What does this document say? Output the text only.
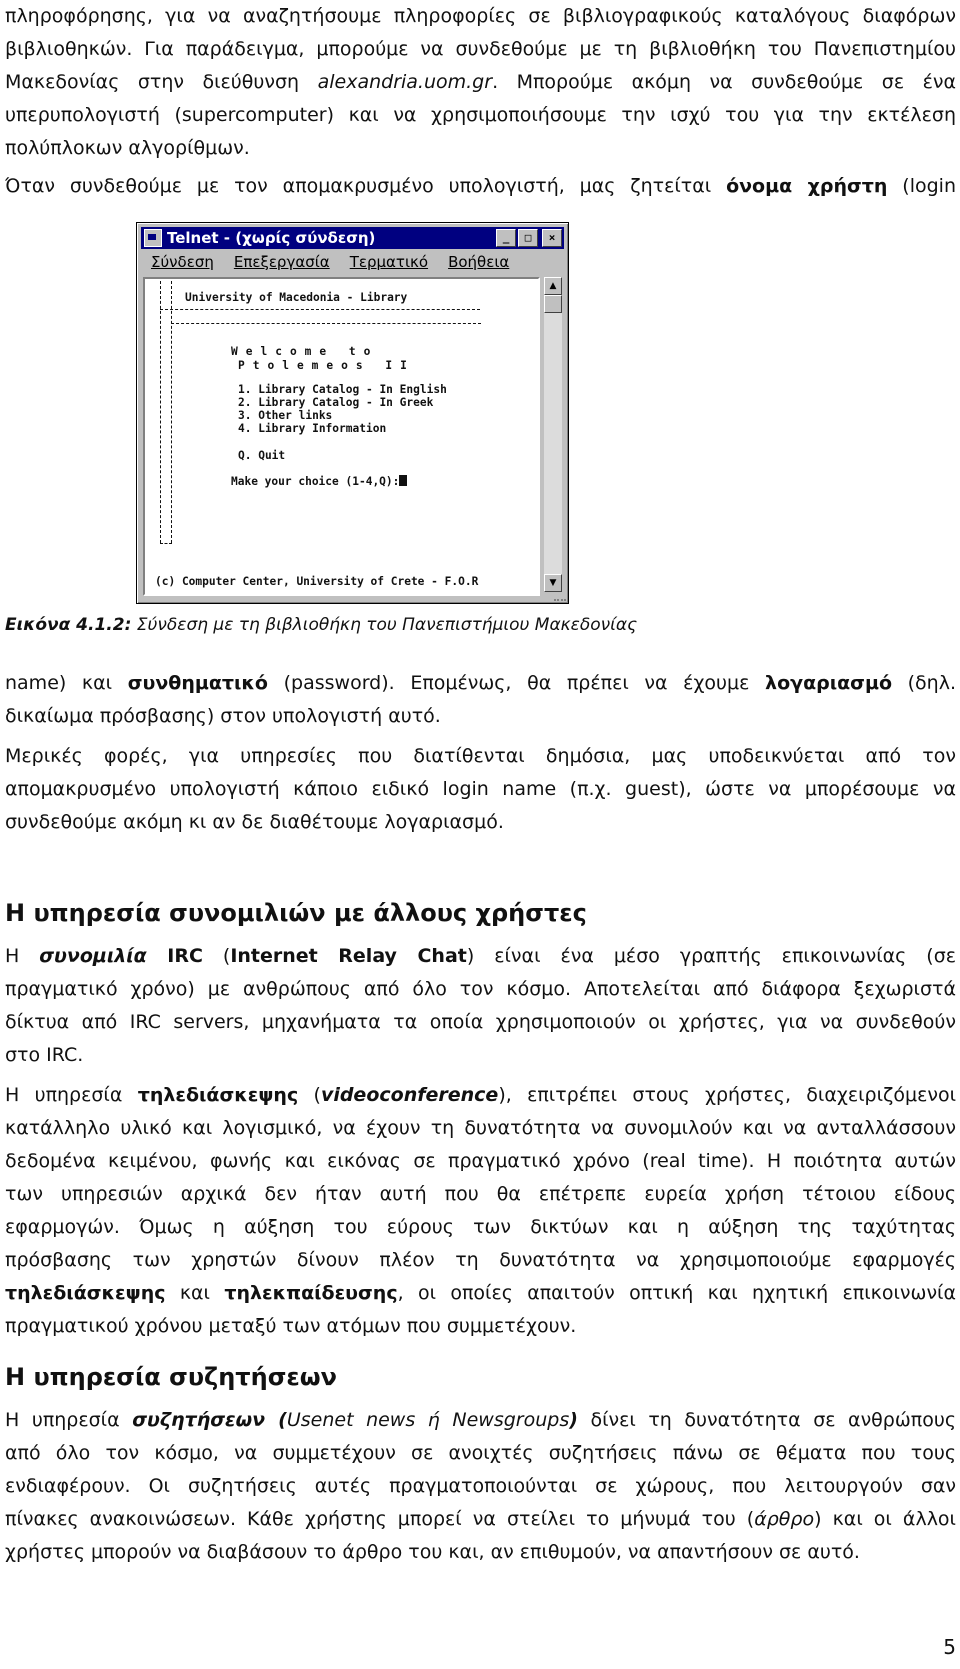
πληροφόρησης, για να αναζητήσουμε πληροφορίες σε βιβλιογραφικούς καταλόγους διαφόρων

βιβλιοθηκών. Για παράδειγμα, μπορούμε να συνδεθούμε με τη βιβλιοθήκη του Πανεπιστημίου

Μακεδονίας στην διεύθυνση alexandria.uom.gr. Μπορούμε ακόμη να συνδεθούμε σε ένα

υπερυπολογιστή (supercomputer) και να χρησιμοποιήσουμε την ισχύ του για την εκτέλεση

πολύπλοκων αλγορίθμων.

Όταν συνδεθούμε με τον απομακρυσμένο υπολογιστή, μας ζητείται όνομα χρήστη (login

Telnet - (χωρίς σύνδεση)	_	□	×
Σύνδεση Επεξεργασία Τερματικό Βοήθεια
University of Macedonia - Library
Welcome to
Ptolemeos II
1. Library Catalog - In English
2. Library Catalog - In Greek
3. Other links
4. Library Information
Q. Quit
Make your choice (1-4,Q):
(c) Computer Center, University of Crete - F.O.R
▲
▼
Εικόνα 4.1.2: Σύνδεση με τη βιβλιοθήκη του Πανεπιστήμιου Μακεδονίας

name) και συνθηματικό (password). Επομένως, θα πρέπει να έχουμε λογαριασμό (δηλ.

δικαίωμα πρόσβασης) στον υπολογιστή αυτό.

Μερικές φορές, για υπηρεσίες που διατίθενται δημόσια, μας υποδεικνύεται από τον

απομακρυσμένο υπολογιστή κάποιο ειδικό login name (π.χ. guest), ώστε να μπορέσουμε να

συνδεθούμε ακόμη κι αν δε διαθέτουμε λογαριασμό.

Η υπηρεσία συνομιλιών με άλλους χρήστες

Η συνομιλία IRC (Internet Relay Chat) είναι ένα μέσο γραπτής επικοινωνίας (σε

πραγματικό χρόνο) με ανθρώπους από όλο τον κόσμο. Αποτελείται από διάφορα ξεχωριστά

δίκτυα από IRC servers, μηχανήματα τα οποία χρησιμοποιούν οι χρήστες, για να συνδεθούν

στο IRC.

Η υπηρεσία τηλεδιάσκεψης (videoconference), επιτρέπει στους χρήστες, διαχειριζόμενοι

κατάλληλο υλικό και λογισμικό, να έχουν τη δυνατότητα να συνομιλούν και να ανταλλάσσουν

δεδομένα κειμένου, φωνής και εικόνας σε πραγματικό χρόνο (real time). Η ποιότητα αυτών

των υπηρεσιών αρχικά δεν ήταν αυτή που θα επέτρεπε ευρεία χρήση τέτοιου είδους

εφαρμογών. Όμως η αύξηση του εύρους των δικτύων και η αύξηση της ταχύτητας

πρόσβασης των χρηστών δίνουν πλέον τη δυνατότητα να χρησιμοποιούμε εφαρμογές

τηλεδιάσκεψης και τηλεκπαίδευσης, οι οποίες απαιτούν οπτική και ηχητική επικοινωνία

πραγματικού χρόνου μεταξύ των ατόμων που συμμετέχουν.

Η υπηρεσία συζητήσεων

Η υπηρεσία συζητήσεων (Usenet news ή Newsgroups) δίνει τη δυνατότητα σε ανθρώπους

από όλο τον κόσμο, να συμμετέχουν σε ανοιχτές συζητήσεις πάνω σε θέματα που τους

ενδιαφέρουν. Οι συζητήσεις αυτές πραγματοποιούνται σε χώρους, που λειτουργούν σαν

πίνακες ανακοινώσεων. Κάθε χρήστης μπορεί να στείλει το μήνυμά του (άρθρο) και οι άλλοι

χρήστες μπορούν να διαβάσουν το άρθρο του και, αν επιθυμούν, να απαντήσουν σε αυτό.

5
